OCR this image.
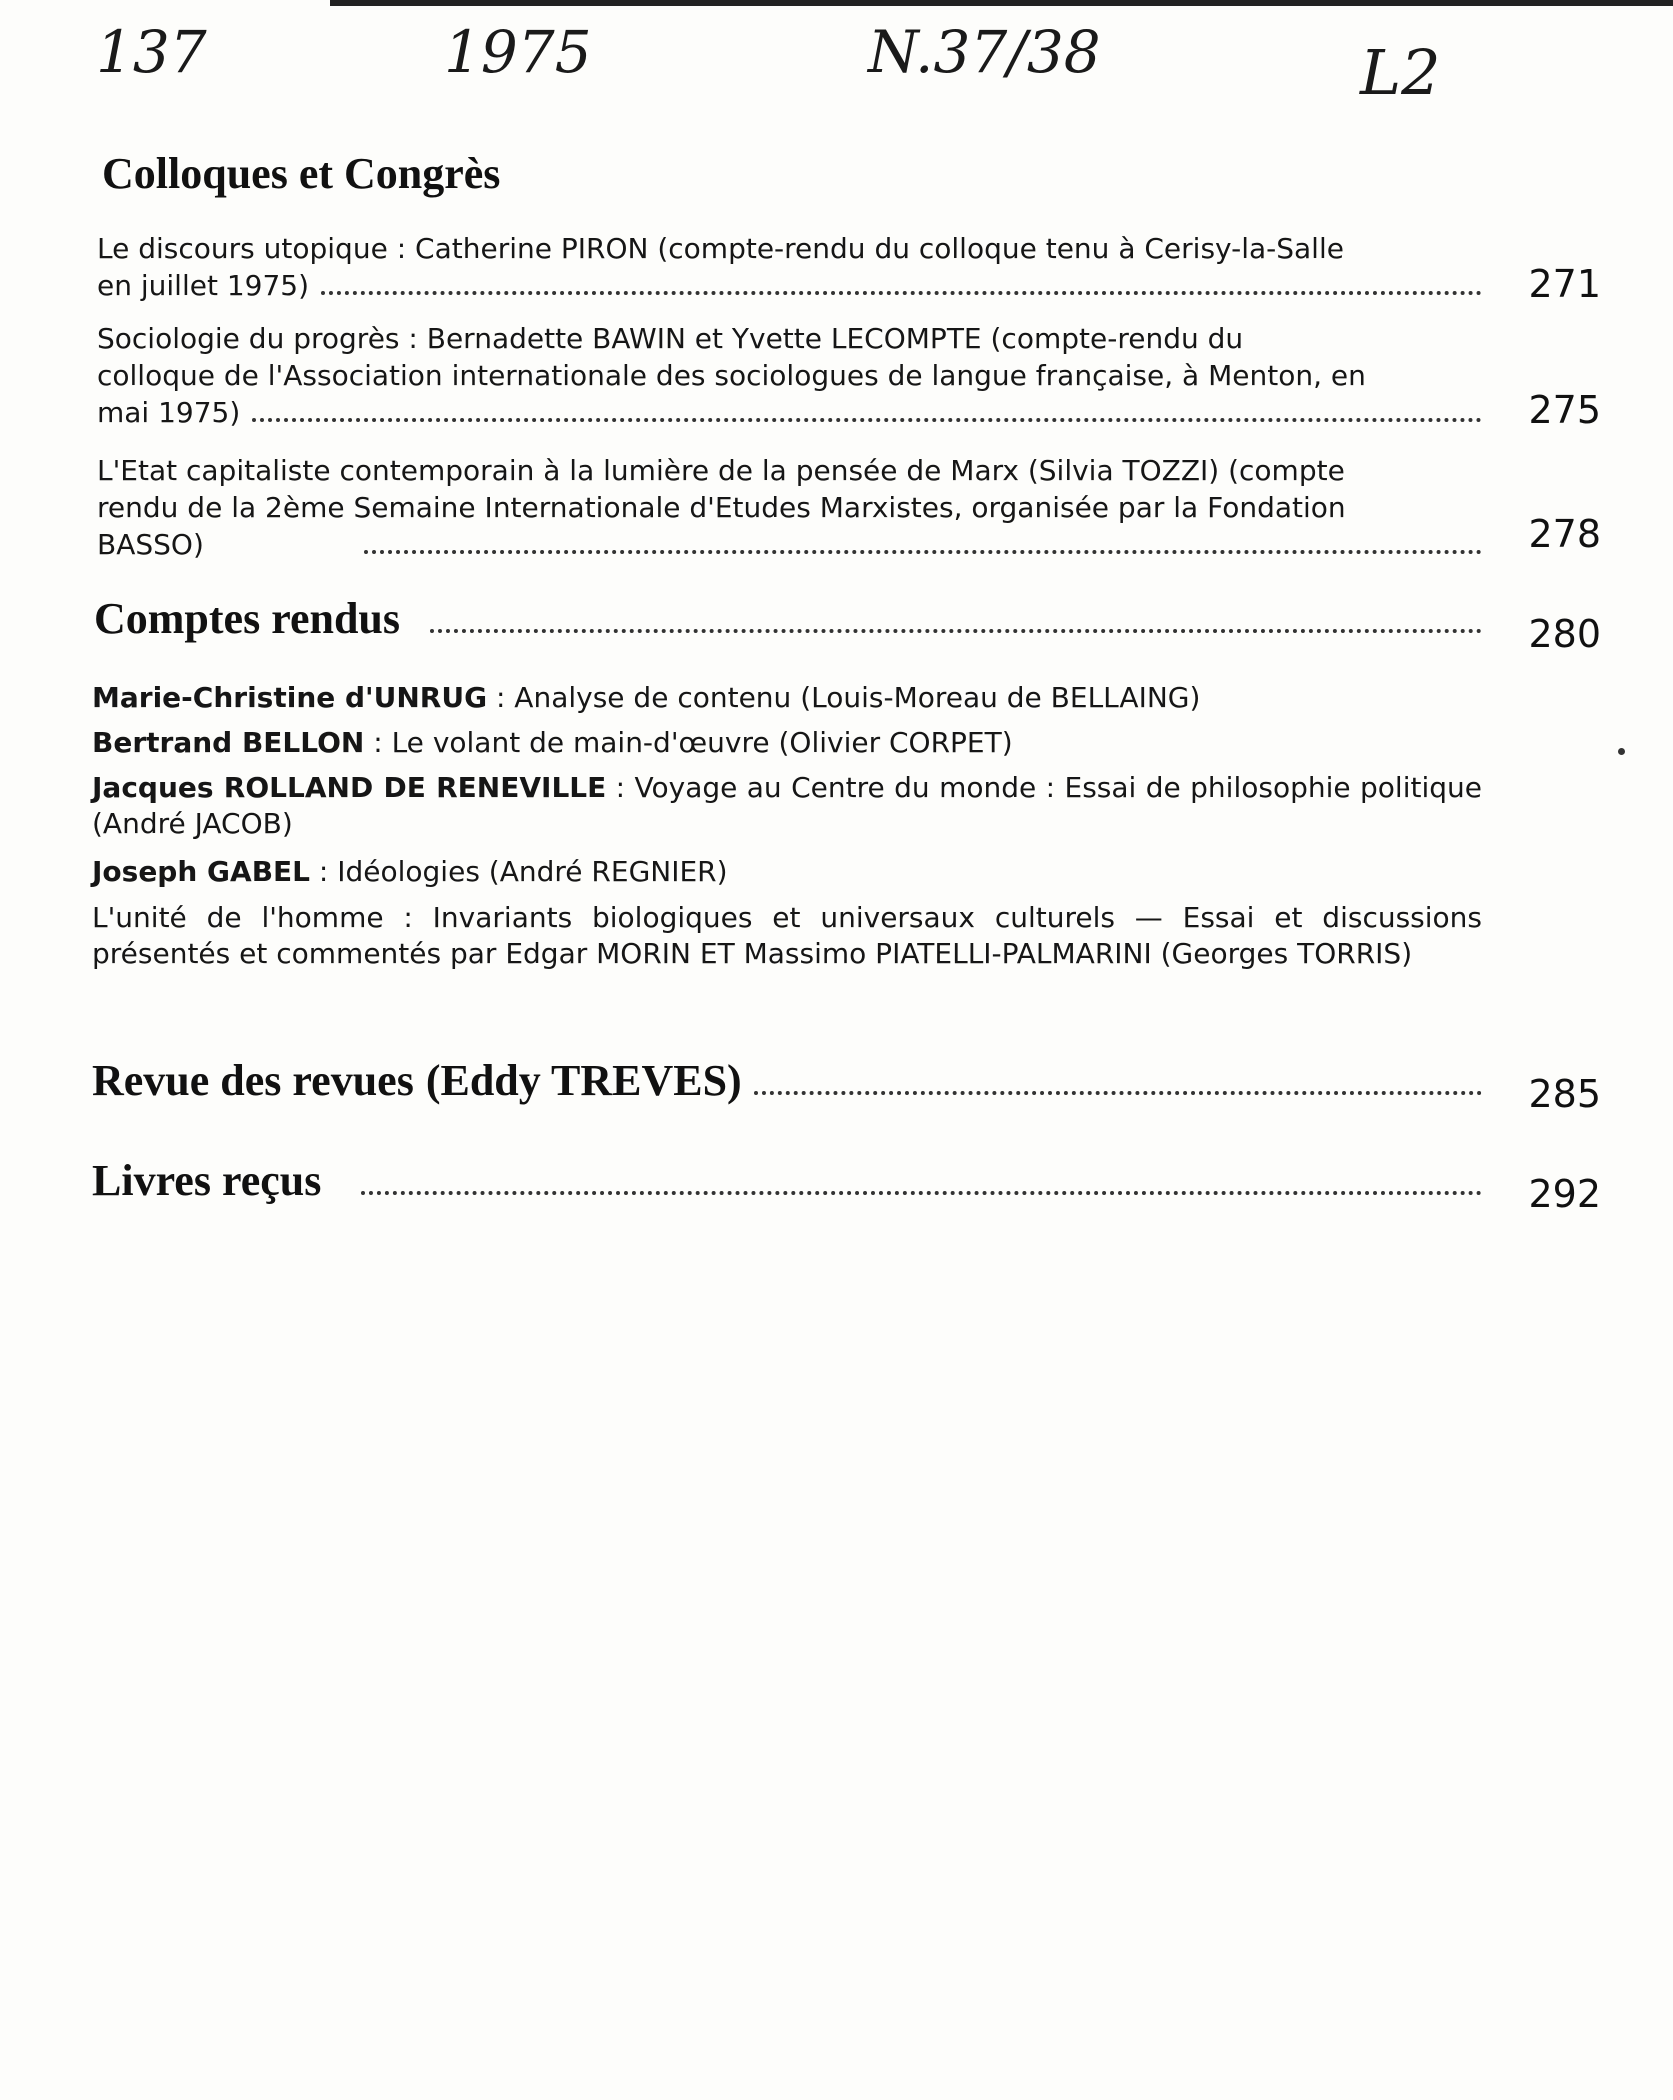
137	1975	N.37/38	L2
Colloques et Congrès
Le discours utopique : Catherine PIRON (compte-rendu du colloque tenu à Cerisy-la-Salle
en juillet 1975)	271
Sociologie du progrès : Bernadette BAWIN et Yvette LECOMPTE (compte-rendu du
colloque de l'Association internationale des sociologues de langue française, à Menton, en
mai 1975)	275
L'Etat capitaliste contemporain à la lumière de la pensée de Marx (Silvia TOZZI) (compte
rendu de la 2ème Semaine Internationale d'Etudes Marxistes, organisée par la Fondation
BASSO)	278
Comptes rendus	280
Marie-Christine d'UNRUG : Analyse de contenu (Louis-Moreau de BELLAING)
Bertrand BELLON : Le volant de main-d'œuvre (Olivier CORPET)
Jacques ROLLAND DE RENEVILLE : Voyage au Centre du monde : Essai de philosophie politique (André JACOB)
Joseph GABEL : Idéologies (André REGNIER)
L'unité de l'homme : Invariants biologiques et universaux culturels — Essai et discussions présentés et commentés par Edgar MORIN ET Massimo PIATELLI-PALMARINI (Georges TORRIS)
Revue des revues (Eddy TREVES)	285
Livres reçus	292
